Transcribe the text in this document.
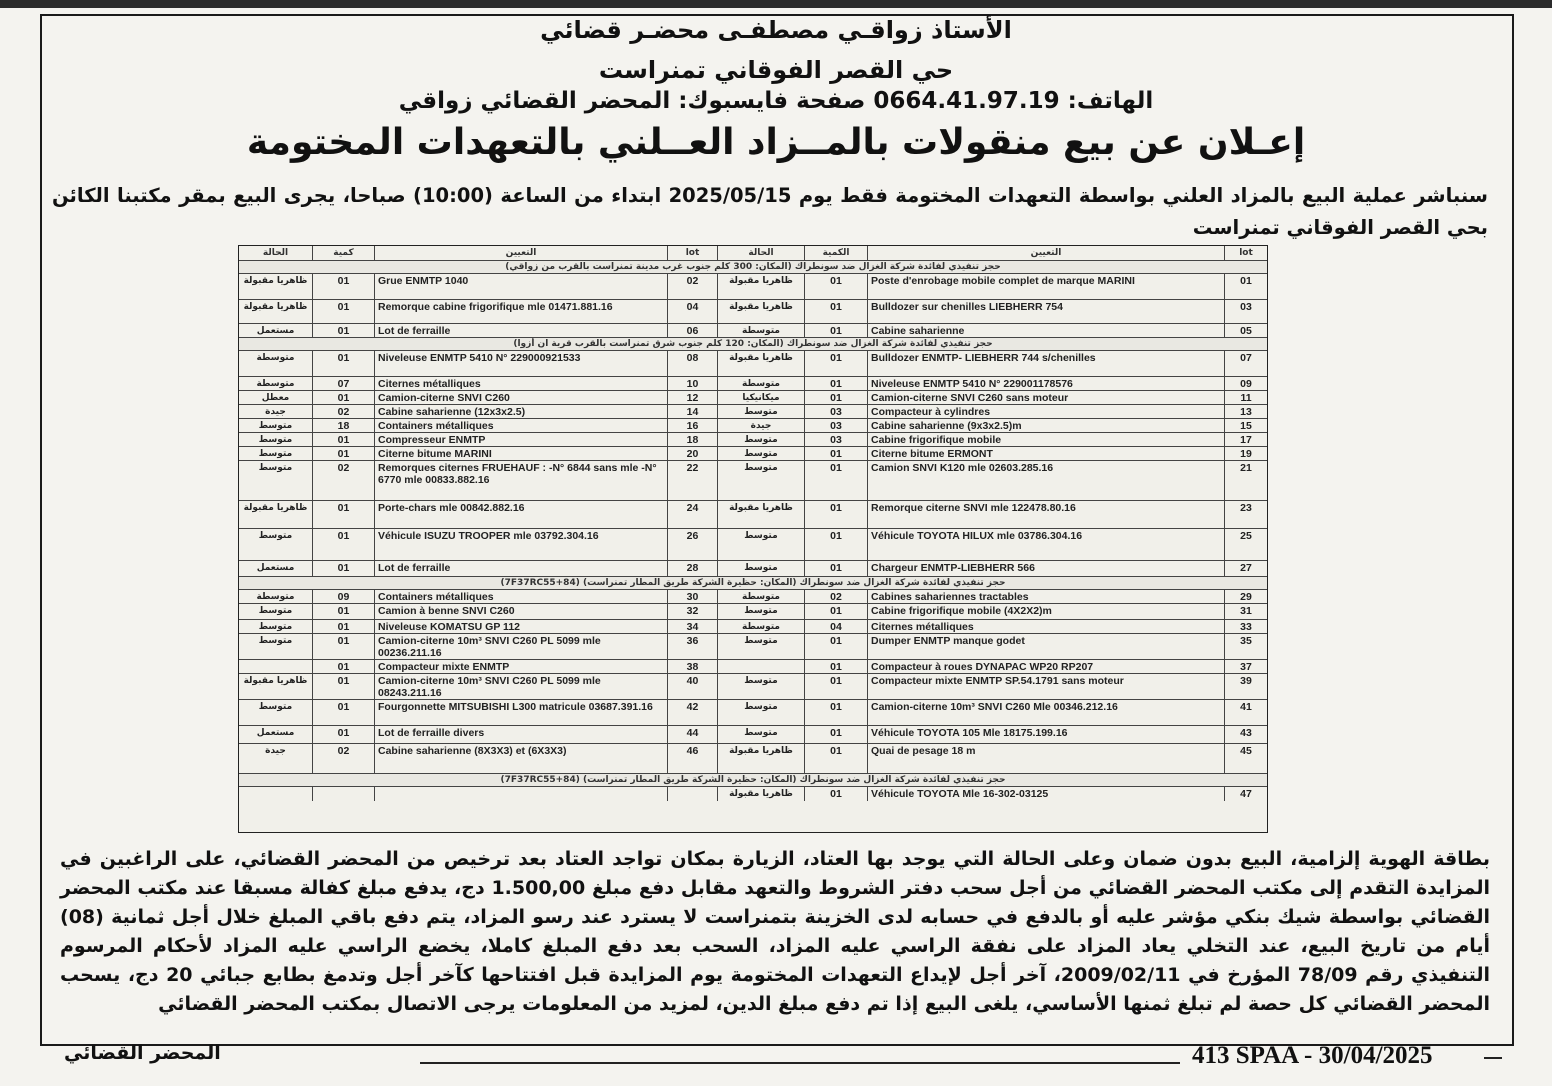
الأستاذ زواقـي مصطفـى محضـر قضائي
حي القصر الفوقاني تمنراست
الهاتف: 0664.41.97.19 صفحة فايسبوك: المحضر القضائي زواقي
إعـلان عن بيع منقولات بالمــزاد العــلني بالتعهدات المختومة
سنباشر عملية البيع بالمزاد العلني بواسطة التعهدات المختومة فقط يوم 2025/05/15 ابتداء من الساعة (10:00) صباحا، يجرى البيع بمقر مكتبنا الكائن بحي القصر الفوقاني تمنراست
lot
التعيين
الكمية
الحالة
lot
التعيين
كمية
الحالة
حجز تنفيذي لفائدة شركة الغزال ضد سونطراك (المكان: 300 كلم جنوب غرب مدينة تمنراست بالقرب من زواقي)
01
Poste d'enrobage mobile complet de marque MARINI
01
ظاهريا مقبولة
02
Grue ENMTP 1040
01
ظاهريا مقبولة
03
Bulldozer sur chenilles LIEBHERR 754
01
ظاهريا مقبولة
04
Remorque cabine frigorifique mle 01471.881.16
01
ظاهريا مقبولة
05
Cabine saharienne
01
متوسطة
06
Lot de ferraille
01
مستعمل
حجز تنفيذي لفائدة شركة الغزال ضد سونطراك (المكان: 120 كلم جنوب شرق تمنراست بالقرب قرية ان أزوا)
07
Bulldozer ENMTP- LIEBHERR 744 s/chenilles
01
ظاهريا مقبولة
08
Niveleuse ENMTP 5410 N° 229000921533
01
متوسطة
09
Niveleuse ENMTP 5410 N° 229001178576
01
متوسطة
10
Citernes métalliques
07
متوسطة
11
Camion-citerne SNVI C260 sans moteur
01
ميكانيكيا
12
Camion-citerne SNVI C260
01
معطل
13
Compacteur à cylindres
03
متوسط
14
Cabine saharienne (12x3x2.5)
02
جيدة
15
Cabine saharienne (9x3x2.5)m
03
جيدة
16
Containers métalliques
18
متوسط
17
Cabine frigorifique mobile
03
متوسط
18
Compresseur ENMTP
01
متوسط
19
Citerne bitume ERMONT
01
متوسط
20
Citerne bitume MARINI
01
متوسط
21
Camion SNVI K120 mle 02603.285.16
01
متوسط
22
Remorques citernes FRUEHAUF : -N° 6844 sans mle -N° 6770 mle 00833.882.16
02
متوسط
23
Remorque citerne SNVI mle 122478.80.16
01
ظاهريا مقبولة
24
Porte-chars mle 00842.882.16
01
ظاهريا مقبولة
25
Véhicule TOYOTA HILUX mle 03786.304.16
01
متوسط
26
Véhicule ISUZU TROOPER mle 03792.304.16
01
متوسط
27
Chargeur ENMTP-LIEBHERR 566
01
متوسط
28
Lot de ferraille
01
مستعمل
حجز تنفيذي لفائدة شركة الغزال ضد سونطراك (المكان: حظيرة الشركة طريق المطار تمنراست) (7F37RC55+84)
29
Cabines sahariennes tractables
02
متوسطة
30
Containers métalliques
09
متوسطة
31
Cabine frigorifique mobile (4X2X2)m
01
متوسط
32
Camion à benne SNVI C260
01
متوسط
33
Citernes métalliques
04
متوسطة
34
Niveleuse KOMATSU GP 112
01
متوسط
35
Dumper ENMTP manque godet
01
متوسط
36
Camion-citerne 10m³ SNVI C260 PL 5099 mle 00236.211.16
01
متوسط
37
Compacteur à roues DYNAPAC WP20 RP207
01
38
Compacteur mixte ENMTP
01
39
Compacteur mixte ENMTP SP.54.1791 sans moteur
01
متوسط
40
Camion-citerne 10m³ SNVI C260 PL 5099 mle 08243.211.16
01
ظاهريا مقبولة
41
Camion-citerne 10m³ SNVI C260 Mle 00346.212.16
01
متوسط
42
Fourgonnette MITSUBISHI L300 matricule 03687.391.16
01
متوسط
43
Véhicule TOYOTA 105 Mle 18175.199.16
01
متوسط
44
Lot de ferraille divers
01
مستعمل
45
Quai de pesage 18 m
01
ظاهريا مقبولة
46
Cabine saharienne (8X3X3) et (6X3X3)
02
جيدة
حجز تنفيذي لفائدة شركة الغزال ضد سونطراك (المكان: حظيرة الشركة طريق المطار تمنراست) (7F37RC55+84)
47
Véhicule TOYOTA Mle 16-302-03125
01
ظاهريا مقبولة
بطاقة الهوية إلزامية، البيع بدون ضمان وعلى الحالة التي يوجد بها العتاد، الزيارة بمكان تواجد العتاد بعد ترخيص من المحضر القضائي، على الراغبين في المزايدة التقدم إلى مكتب المحضر القضائي من أجل سحب دفتر الشروط والتعهد مقابل دفع مبلغ 1.500,00 دج، يدفع مبلغ كفالة مسبقا عند مكتب المحضر القضائي بواسطة شيك بنكي مؤشر عليه أو بالدفع في حسابه لدى الخزينة بتمنراست لا يسترد عند رسو المزاد، يتم دفع باقي المبلغ خلال أجل ثمانية (08) أيام من تاريخ البيع، عند التخلي يعاد المزاد على نفقة الراسي عليه المزاد، السحب بعد دفع المبلغ كاملا، يخضع الراسي عليه المزاد لأحكام المرسوم التنفيذي رقم 78/09 المؤرخ في 2009/02/11، آخر أجل لإيداع التعهدات المختومة يوم المزايدة قبل افتتاحها كآخر أجل وتدمغ بطابع جبائي 20 دج، يسحب المحضر القضائي كل حصة لم تبلغ ثمنها الأساسي، يلغى البيع إذا تم دفع مبلغ الدين، لمزيد من المعلومات يرجى الاتصال بمكتب المحضر القضائي
المحضر القضائي	413 SPAA - 30/04/2025
